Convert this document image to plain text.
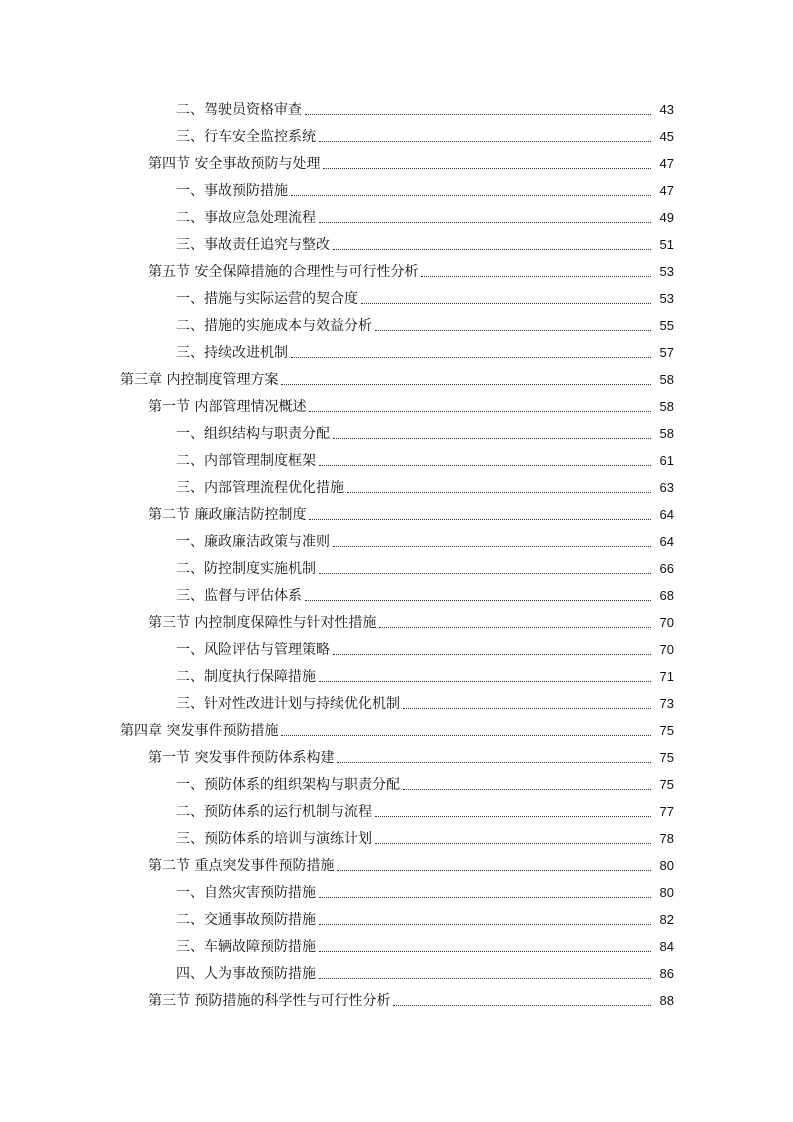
二、驾驶员资格审查	43
三、行车安全监控系统	45
第四节 安全事故预防与处理	47
一、事故预防措施	47
二、事故应急处理流程	49
三、事故责任追究与整改	51
第五节 安全保障措施的合理性与可行性分析	53
一、措施与实际运营的契合度	53
二、措施的实施成本与效益分析	55
三、持续改进机制	57
第三章 内控制度管理方案	58
第一节 内部管理情况概述	58
一、组织结构与职责分配	58
二、内部管理制度框架	61
三、内部管理流程优化措施	63
第二节 廉政廉洁防控制度	64
一、廉政廉洁政策与准则	64
二、防控制度实施机制	66
三、监督与评估体系	68
第三节 内控制度保障性与针对性措施	70
一、风险评估与管理策略	70
二、制度执行保障措施	71
三、针对性改进计划与持续优化机制	73
第四章 突发事件预防措施	75
第一节 突发事件预防体系构建	75
一、预防体系的组织架构与职责分配	75
二、预防体系的运行机制与流程	77
三、预防体系的培训与演练计划	78
第二节 重点突发事件预防措施	80
一、自然灾害预防措施	80
二、交通事故预防措施	82
三、车辆故障预防措施	84
四、人为事故预防措施	86
第三节 预防措施的科学性与可行性分析	88
